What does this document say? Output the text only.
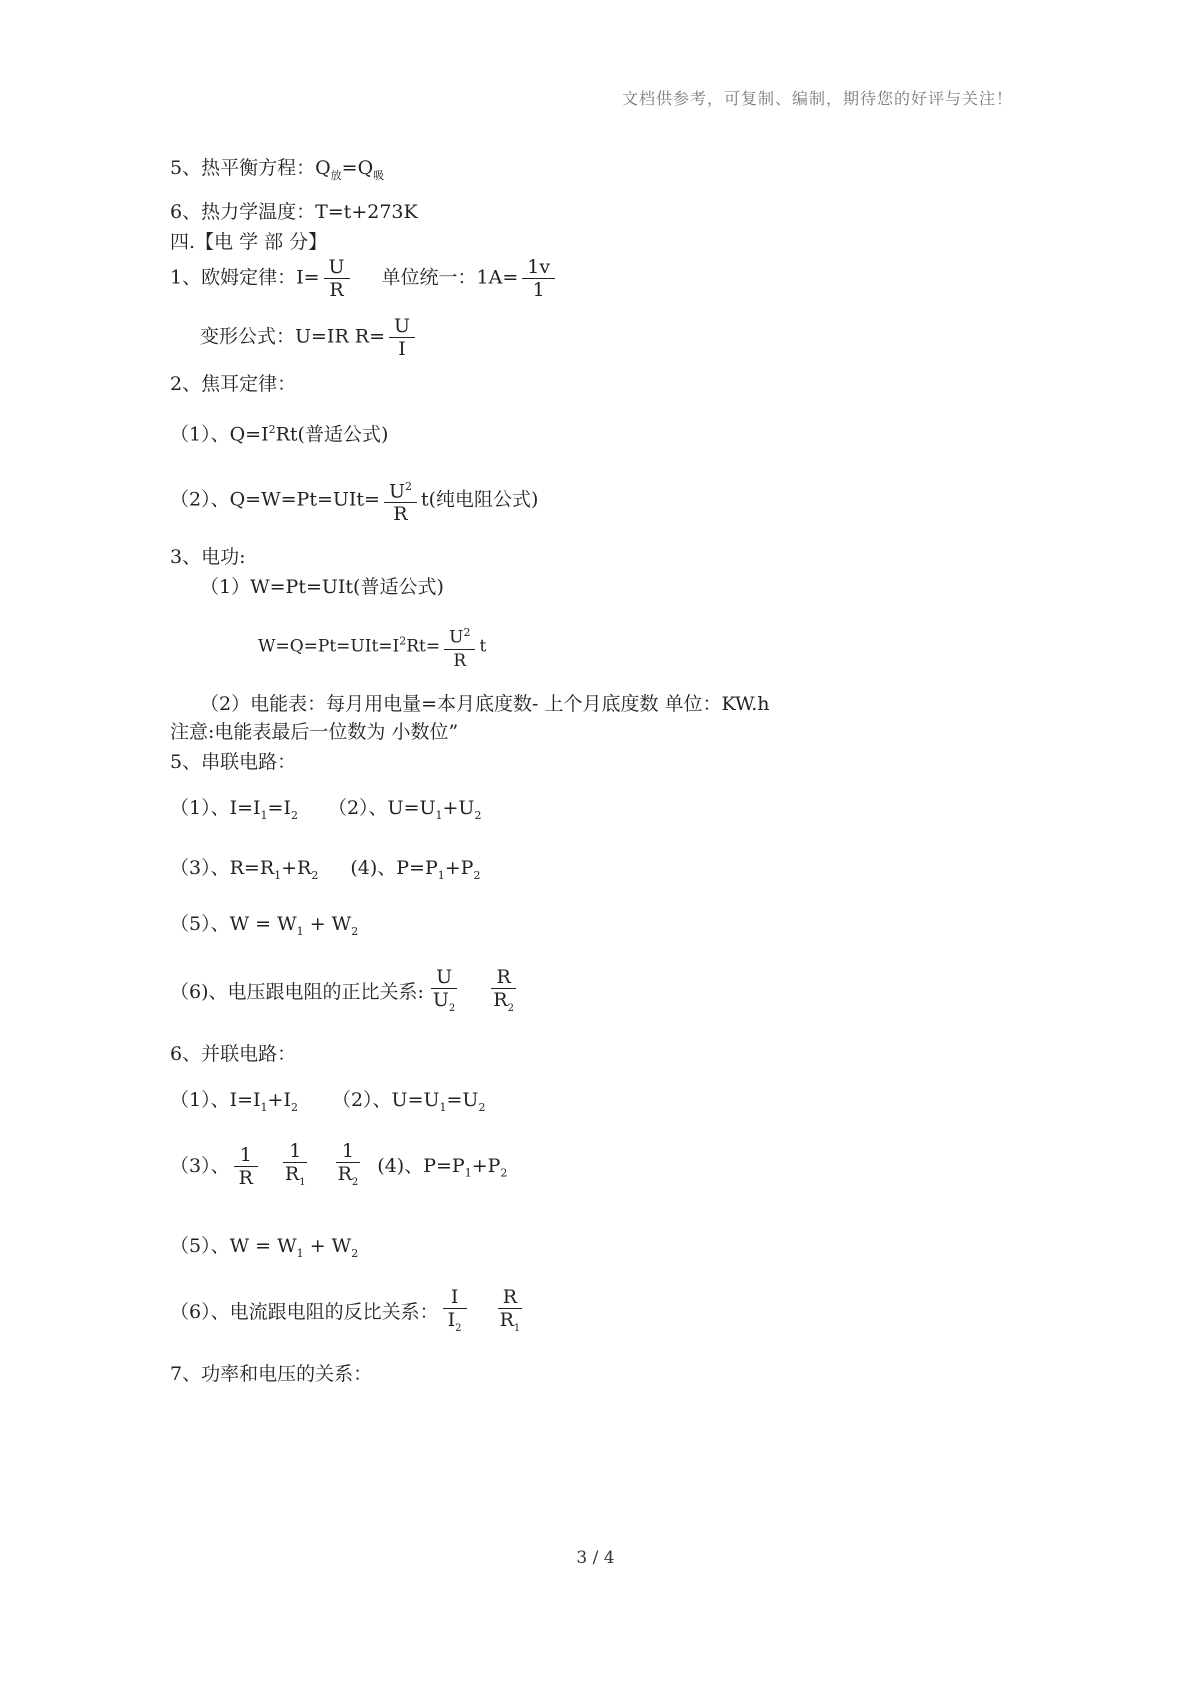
文档供参考，可复制、编制，期待您的好评与关注！
5、热平衡方程：$Q_放=Q_吸$
6、热力学温度：T=t+273K
四.【电 学 部 分】
1、欧姆定律：$I= \frac{U}{R}$ 单位统一：$1A= \frac{1v}{1}$
变形公式：U=IR $R= \frac{U}{I}$
2、焦耳定律：
（1）、$Q=I^2Rt$(普适公式)
（2）、$Q=W=Pt=UIt= \frac{U^2}{R} t$(纯电阻公式)
3、电功:
（1）W=Pt=UIt(普适公式)
$W=Q=Pt=UIt=I^2Rt= \frac{U^2}{R}$ t
（2）电能表：每月用电量=本月底度数- 上个月底度数 单位：KW.h
注意:电能表最后一位数为 小数位”
5、串联电路：
（1）、$I=I_1=I_2$ （2）、$U=U_1+U_2$
（3）、$R=R_1+R_2$ (4)、$P=P_1+P_2$
（5）、$W = W_1 + W_2$
（6)、电压跟电阻的正比关系: $\frac{U}{U_2} \frac{R}{R_2}$
6、并联电路：
（1）、$I=I_1+I_2$ （2）、$U=U_1=U_2$
（3）、 $\frac{1}{R} \frac{1}{R_1} \frac{1}{R_2} (4)$、$P=P_1+P_2$
（5）、$W = W_1 + W_2$
（6）、电流跟电阻的反比关系： $\frac{I}{I_2} \frac{R}{R_1}$
7、功率和电压的关系：
3 / 4
